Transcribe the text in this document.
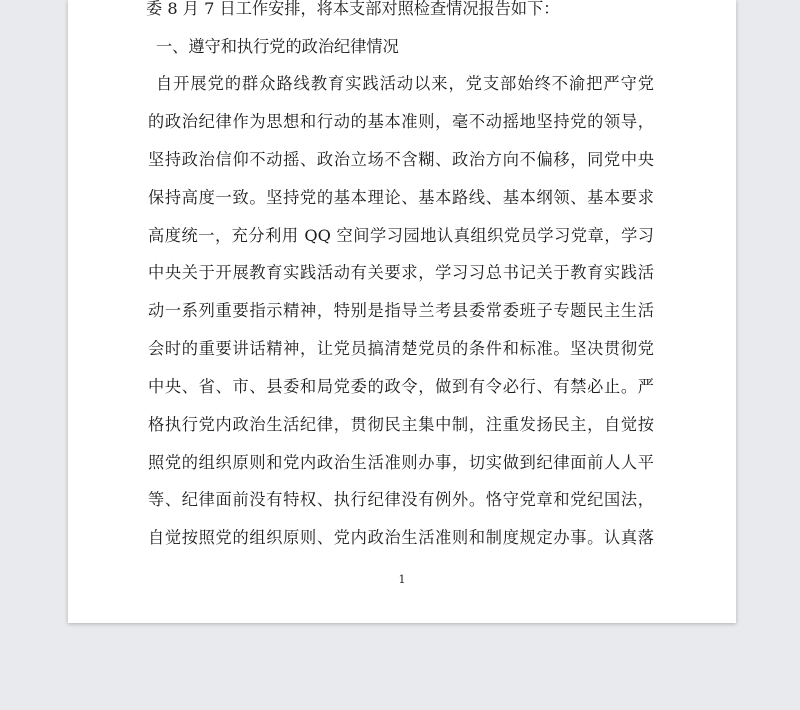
委 8 月 7 日工作安排，将本支部对照检查情况报告如下：

一、遵守和执行党的政治纪律情况

自开展党的群众路线教育实践活动以来，党支部始终不渝把严守党

的政治纪律作为思想和行动的基本准则，毫不动摇地坚持党的领导，

坚持政治信仰不动摇、政治立场不含糊、政治方向不偏移，同党中央

保持高度一致。坚持党的基本理论、基本路线、基本纲领、基本要求

高度统一，充分利用 QQ 空间学习园地认真组织党员学习党章，学习

中央关于开展教育实践活动有关要求，学习习总书记关于教育实践活

动一系列重要指示精神，特别是指导兰考县委常委班子专题民主生活

会时的重要讲话精神，让党员搞清楚党员的条件和标准。坚决贯彻党

中央、省、市、县委和局党委的政令，做到有令必行、有禁必止。严

格执行党内政治生活纪律，贯彻民主集中制，注重发扬民主，自觉按

照党的组织原则和党内政治生活准则办事，切实做到纪律面前人人平

等、纪律面前没有特权、执行纪律没有例外。恪守党章和党纪国法，

自觉按照党的组织原则、党内政治生活准则和制度规定办事。认真落

1
